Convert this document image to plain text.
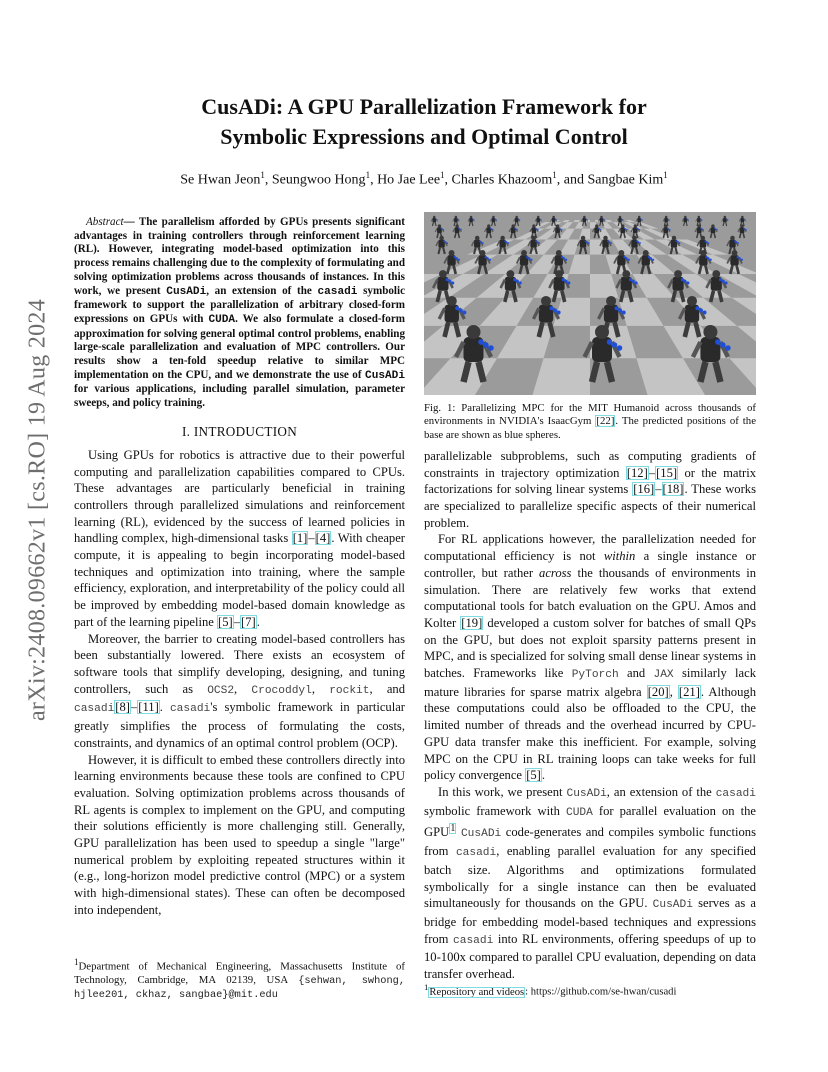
arXiv:2408.09662v1 [cs.RO] 19 Aug 2024
CusADi: A GPU Parallelization Framework for
Symbolic Expressions and Optimal Control
Se Hwan Jeon$^1$, Seungwoo Hong$^1$, Ho Jae Lee$^1$, Charles Khazoom$^1$, and Sangbae Kim$^1$
Abstract— The parallelism afforded by GPUs presents significant advantages in training controllers through reinforcement learning (RL). However, integrating model-based optimization into this process remains challenging due to the complexity of formulating and solving optimization problems across thousands of instances. In this work, we present CusADi, an extension of the casadi symbolic framework to support the parallelization of arbitrary closed-form expressions on GPUs with CUDA. We also formulate a closed-form approximation for solving general optimal control problems, enabling large-scale parallelization and evaluation of MPC controllers. Our results show a ten-fold speedup relative to similar MPC implementation on the CPU, and we demonstrate the use of CusADi for various applications, including parallel simulation, parameter sweeps, and policy training.
I. INTRODUCTION

Using GPUs for robotics is attractive due to their powerful computing and parallelization capabilities compared to CPUs. These advantages are particularly beneficial in training controllers through parallelized simulations and reinforcement learning (RL), evidenced by the success of learned policies in handling complex, high-dimensional tasks [1]–[4]. With cheaper compute, it is appealing to begin incorporating model-based techniques and optimization into training, where the sample efficiency, exploration, and interpretability of the policy could all be improved by embedding model-based domain knowledge as part of the learning pipeline [5]–[7].

Moreover, the barrier to creating model-based controllers has been substantially lowered. There exists an ecosystem of software tools that simplify developing, designing, and tuning controllers, such as OCS2, Crocoddyl, rockit, and casadi[8]–[11]. casadi's symbolic framework in particular greatly simplifies the process of formulating the costs, constraints, and dynamics of an optimal control problem (OCP).

However, it is difficult to embed these controllers directly into learning environments because these tools are confined to CPU evaluation. Solving optimization problems across thousands of RL agents is complex to implement on the GPU, and computing their solutions efficiently is more challenging still. Generally, GPU parallelization has been used to speedup a single "large" numerical problem by exploiting repeated structures within it (e.g., long-horizon model predictive control (MPC) or a system with high-dimensional states). These can often be decomposed into independent,

$^1$Department of Mechanical Engineering, Massachusetts Institute of Technology, Cambridge, MA 02139, USA {sehwan, swhong, hjlee201, ckhaz, sangbae}@mit.edu
Fig. 1: Parallelizing MPC for the MIT Humanoid across thousands of environments in NVIDIA's IsaacGym [22]. The predicted positions of the base are shown as blue spheres.

parallelizable subproblems, such as computing gradients of constraints in trajectory optimization [12]–[15] or the matrix factorizations for solving linear systems [16]–[18]. These works are specialized to parallelize specific aspects of their numerical problem.

For RL applications however, the parallelization needed for computational efficiency is not within a single instance or controller, but rather across the thousands of environments in simulation. There are relatively few works that extend computational tools for batch evaluation on the GPU. Amos and Kolter [19] developed a custom solver for batches of small QPs on the GPU, but does not exploit sparsity patterns present in MPC, and is specialized for solving small dense linear systems in batches. Frameworks like PyTorch and JAX similarly lack mature libraries for sparse matrix algebra [20], [21]. Although these computations could also be offloaded to the CPU, the limited number of threads and the overhead incurred by CPU-GPU data transfer make this inefficient. For example, solving MPC on the CPU in RL training loops can take weeks for full policy convergence [5].

In this work, we present CusADi, an extension of the casadi symbolic framework with CUDA for parallel evaluation on the GPU$^1$ CusADi code-generates and compiles symbolic functions from casadi, enabling parallel evaluation for any specified batch size. Algorithms and optimizations formulated symbolically for a single instance can then be evaluated simultaneously for thousands on the GPU. CusADi serves as a bridge for embedding model-based techniques and expressions from casadi into RL environments, offering speedups of up to 10-100x compared to parallel CPU evaluation, depending on data transfer overhead.

$^1$Repository and videos: https://github.com/se-hwan/cusadi
